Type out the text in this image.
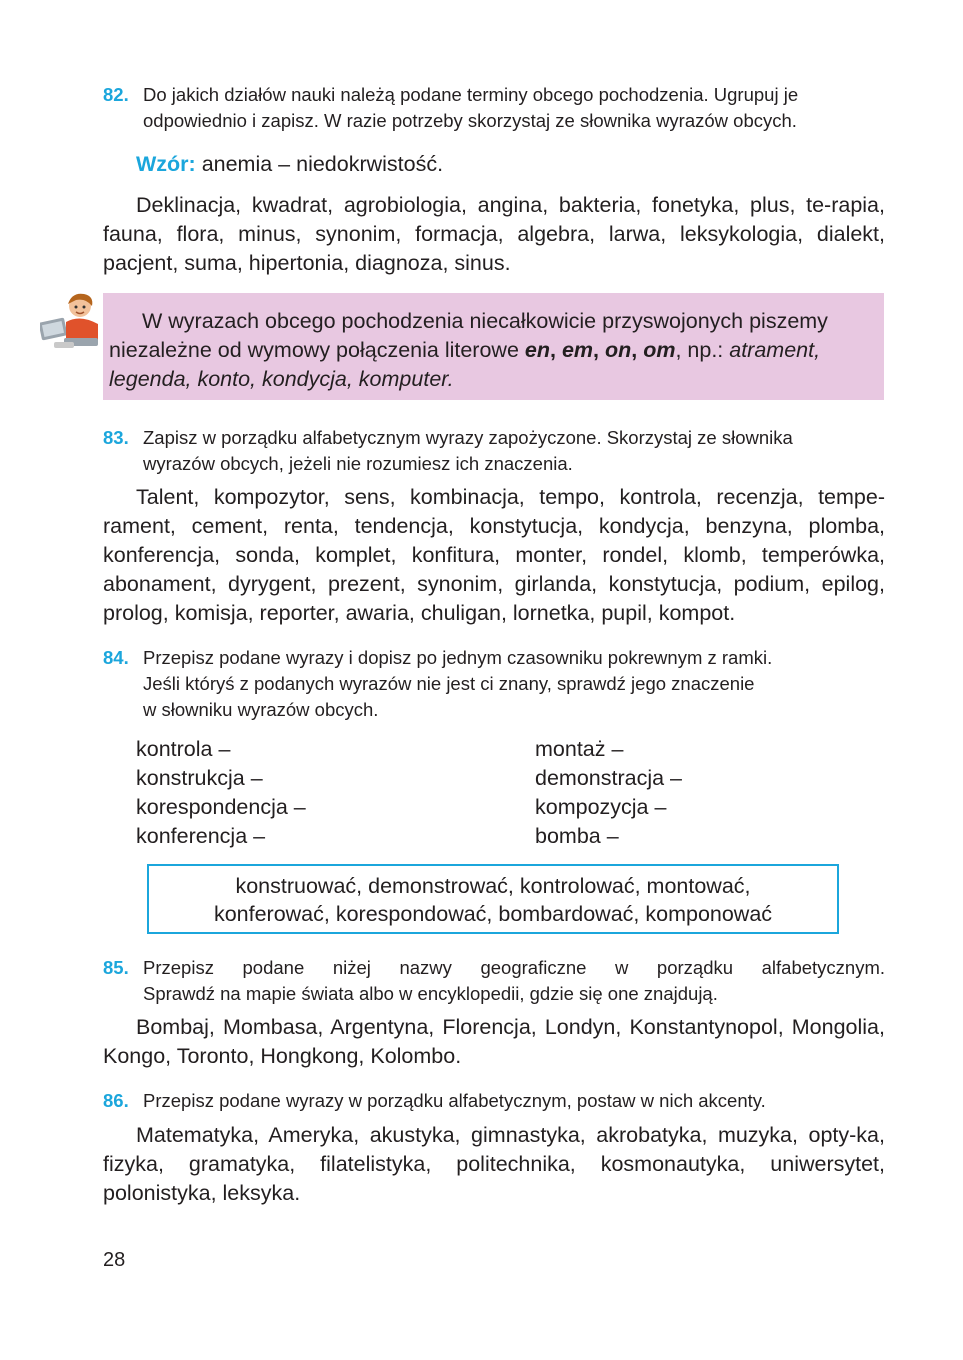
82. Do jakich działów nauki należą podane terminy obcego pochodzenia. Ugrupuj je
odpowiednio i zapisz. W razie potrzeby skorzystaj ze słownika wyrazów obcych.
Wzór: anemia – niedokrwistość.

Deklinacja, kwadrat, agrobiologia, angina, bakteria, fonetyka, plus, te-rapia, fauna, flora, minus, synonim, formacja, algebra, larwa, leksykologia, dialekt, pacjent, suma, hipertonia, diagnoza, sinus.

W wyrazach obcego pochodzenia niecałkowicie przyswojonych piszemy niezależne od wymowy połączenia literowe en, em, on, om, np.: atrament, legenda, konto, kondycja, komputer.

83. Zapisz w porządku alfabetycznym wyrazy zapożyczone. Skorzystaj ze słownika
wyrazów obcych, jeżeli nie rozumiesz ich znaczenia.

Talent, kompozytor, sens, kombinacja, tempo, kontrola, recenzja, tempe-rament, cement, renta, tendencja, konstytucja, kondycja, benzyna, plomba, konferencja, sonda, komplet, konfitura, monter, rondel, klomb, temperówka, abonament, dyrygent, prezent, synonim, girlanda, konstytucja, podium, epilog, prolog, komisja, reporter, awaria, chuligan, lornetka, pupil, kompot.

84. Przepisz podane wyrazy i dopisz po jednym czasowniku pokrewnym z ramki.
Jeśli któryś z podanych wyrazów nie jest ci znany, sprawdź jego znaczenie
w słowniku wyrazów obcych.
kontrola –
konstrukcja –
korespondencja –
konferencja –
montaż –
demonstracja –
kompozycja –
bomba –
konstruować, demonstrować, kontrolować, montować,
konferować, korespondować, bombardować, komponować
85. Przepisz podane niżej nazwy geograficzne w porządku alfabetycznym.
Sprawdź na mapie świata albo w encyklopedii, gdzie się one znajdują.

Bombaj, Mombasa, Argentyna, Florencja, Londyn, Konstantynopol, Mongolia, Kongo, Toronto, Hongkong, Kolombo.

86. Przepisz podane wyrazy w porządku alfabetycznym, postaw w nich akcenty.

Matematyka, Ameryka, akustyka, gimnastyka, akrobatyka, muzyka, opty-ka, fizyka, gramatyka, filatelistyka, politechnika, kosmonautyka, uniwersytet, polonistyka, leksyka.

28
